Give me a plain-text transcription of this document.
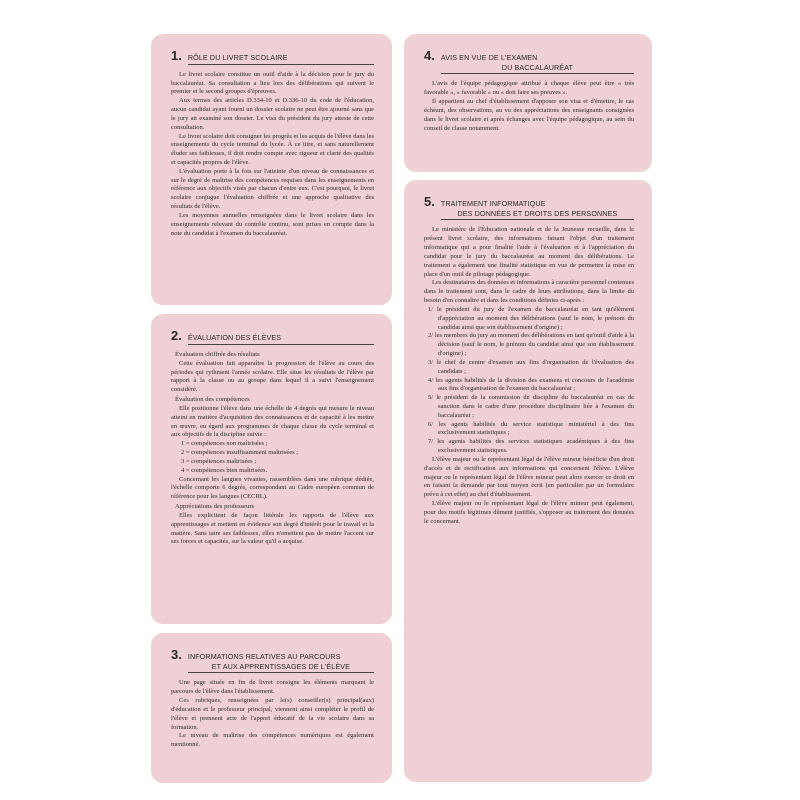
1. RÔLE DU LIVRET SCOLAIRE

Le livret scolaire constitue un outil d'aide à la décision pour le jury du baccalauréat. Sa consultation a lieu lors des délibérations qui suivent le premier et le second groupes d'épreuves.

Aux termes des articles D.334-10 et D.336-10 du code de l'éducation, aucun candidat ayant fourni un dossier scolaire ne peut être ajourné sans que le jury ait examiné son dossier. Le visa du président du jury atteste de cette consultation.

Le livret scolaire doit consigner les progrès et les acquis de l'élève dans les enseignements du cycle terminal du lycée. À ce titre, et sans naturellement éluder ses faiblesses, il doit rendre compte avec rigueur et clarté des qualités et capacités propres de l'élève.

L'évaluation porte à la fois sur l'atteinte d'un niveau de connaissances et sur le degré de maîtrise des compétences requises dans les enseignements en référence aux objectifs visés par chacun d'entre eux. C'est pourquoi, le livret scolaire conjugue l'évaluation chiffrée et une approche qualitative des résultats de l'élève.

Les moyennes annuelles renseignées dans le livret scolaire dans les enseignements relevant du contrôle continu, sont prises en compte dans la note du candidat à l'examen du baccalauréat.

2. ÉVALUATION DES ÉLÈVES
Évaluation chiffrée des résultats

Cette évaluation fait apparaître la progression de l'élève au cours des périodes qui rythment l'année scolaire. Elle situe les résultats de l'élève par rapport à la classe ou au groupe dans lequel il a suivi l'enseignement considéré.

Évaluation des compétences

Elle positionne l'élève dans une échelle de 4 degrés qui mesure le niveau atteint en matière d'acquisition des connaissances et de capacité à les mettre en œuvre, eu égard aux programmes de chaque classe du cycle terminal et aux objectifs de la discipline suivie :

1 = compétences non maîtrisées ;
2 = compétences insuffisamment maîtrisées ;
3 = compétences maîtrisées ;
4 = compétences bien maîtrisées.

Concernant les langues vivantes, rassemblées dans une rubrique dédiée, l'échelle comporte 6 degrés, correspondant au Cadre européen commun de référence pour les langues (CECRL).

Appréciations des professeurs

Elles explicitent de façon littérale les rapports de l'élève aux apprentissages et mettent en évidence son degré d'intérêt pour le travail et la matière. Sans taire ses faiblesses, elles n'omettent pas de mettre l'accent sur ses forces et capacités, sur la valeur qu'il a acquise.

3. INFORMATIONS RELATIVES AU PARCOURS
ET AUX APPRENTISSAGES DE L'ÉLÈVE

Une page située en fin de livret consigne les éléments marquant le parcours de l'élève dans l'établissement.

Ces rubriques, renseignées par le(s) conseiller(s) principal(aux) d'éducation et le professeur principal, viennent ainsi compléter le profil de l'élève et prennent acte de l'apport éducatif de la vie scolaire dans sa formation.

Le niveau de maîtrise des compétences numériques est également mentionné.

4. AVIS EN VUE DE L'EXAMEN
DU BACCALAURÉAT

L'avis de l'équipe pédagogique attribué à chaque élève peut être « très favorable », « favorable » ou « doit faire ses preuves ».

Il appartient au chef d'établissement d'apposer son visa et d'émettre, le cas échéant, des observations, au vu des appréciations des enseignants consignées dans le livret scolaire et après échanges avec l'équipe pédagogique, au sein du conseil de classe notamment.

5. TRAITEMENT INFORMATIQUE
DES DONNÉES ET DROITS DES PERSONNES

Le ministère de l'Éducation nationale et de la Jeunesse recueille, dans le présent livret scolaire, des informations faisant l'objet d'un traitement informatique qui a pour finalité l'aide à l'évaluation et à l'appréciation du candidat pour le jury du baccalauréat au moment des délibérations. Le traitement a également une finalité statistique en vue de permettre la mise en place d'un outil de pilotage pédagogique.

Les destinataires des données et informations à caractère personnel contenues dans le traitement sont, dans le cadre de leurs attributions, dans la limite du besoin d'en connaître et dans les conditions définies ci-après :

1/ le président du jury de l'examen du baccalauréat en tant qu'élément d'appréciation au moment des délibérations (sauf le nom, le prénom du candidat ainsi que son établissement d'origine) ;
2/ les membres du jury au moment des délibérations en tant qu'outil d'aide à la décision (sauf le nom, le prénom du candidat ainsi que son établissement d'origine) ;
3/ le chef de centre d'examen aux fins d'organisation de l'évaluation des candidats ;
4/ les agents habilités de la division des examens et concours de l'académie aux fins d'organisation de l'examen du baccalauréat ;
5/ le président de la commission de discipline du baccalauréat en cas de sanction dans le cadre d'une procédure disciplinaire liée à l'examen du baccalauréat ;
6/ les agents habilités du service statistique ministériel à des fins exclusivement statistiques ;
7/ les agents habilités des services statistiques académiques à des fins exclusivement statistiques.

L'élève majeur ou le représentant légal de l'élève mineur bénéficie d'un droit d'accès et de rectification aux informations qui concernent l'élève. L'élève majeur ou le représentant légal de l'élève mineur peut alors exercer ce droit en en faisant la demande par tout moyen écrit (en particulier par un formulaire prévu à cet effet) au chef d'établissement.

L'élève majeur ou le représentant légal de l'élève mineur peut également, pour des motifs légitimes dûment justifiés, s'opposer au traitement des données le concernant.
